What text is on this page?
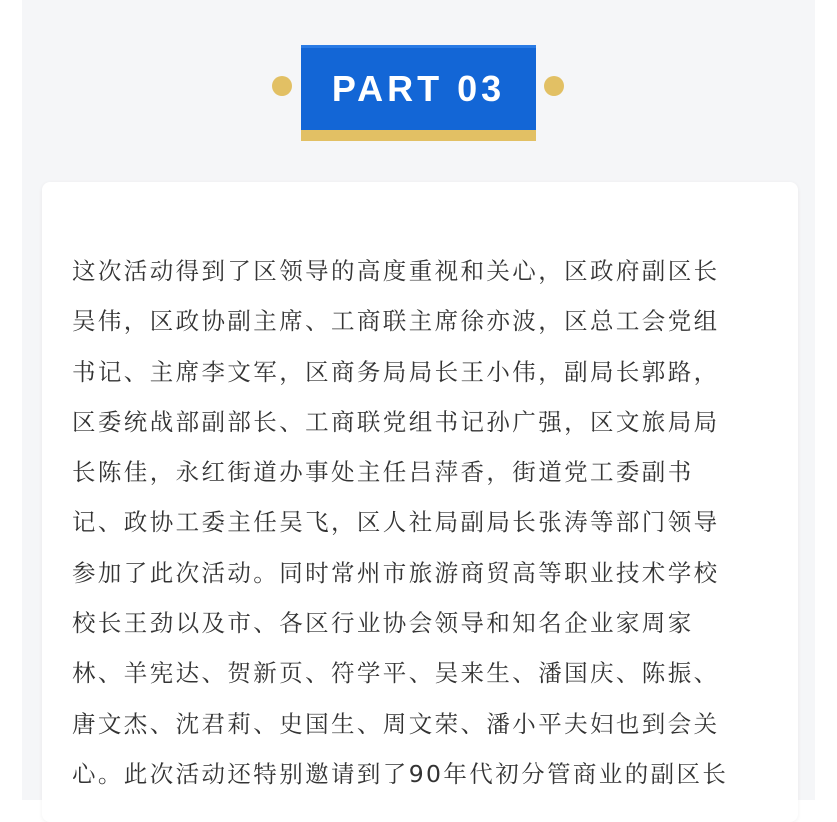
PART 03
这次活动得到了区领导的高度重视和关心，区政府副区长
吴伟，区政协副主席、工商联主席徐亦波，区总工会党组
书记、主席李文军，区商务局局长王小伟，副局长郭路，
区委统战部副部长、工商联党组书记孙广强，区文旅局局
长陈佳，永红街道办事处主任吕萍香，街道党工委副书
记、政协工委主任吴飞，区人社局副局长张涛等部门领导
参加了此次活动。同时常州市旅游商贸高等职业技术学校
校长王劲以及市、各区行业协会领导和知名企业家周家
林、羊宪达、贺新页、符学平、吴来生、潘国庆、陈振、
唐文杰、沈君莉、史国生、周文荣、潘小平夫妇也到会关
心。此次活动还特别邀请到了90年代初分管商业的副区长
